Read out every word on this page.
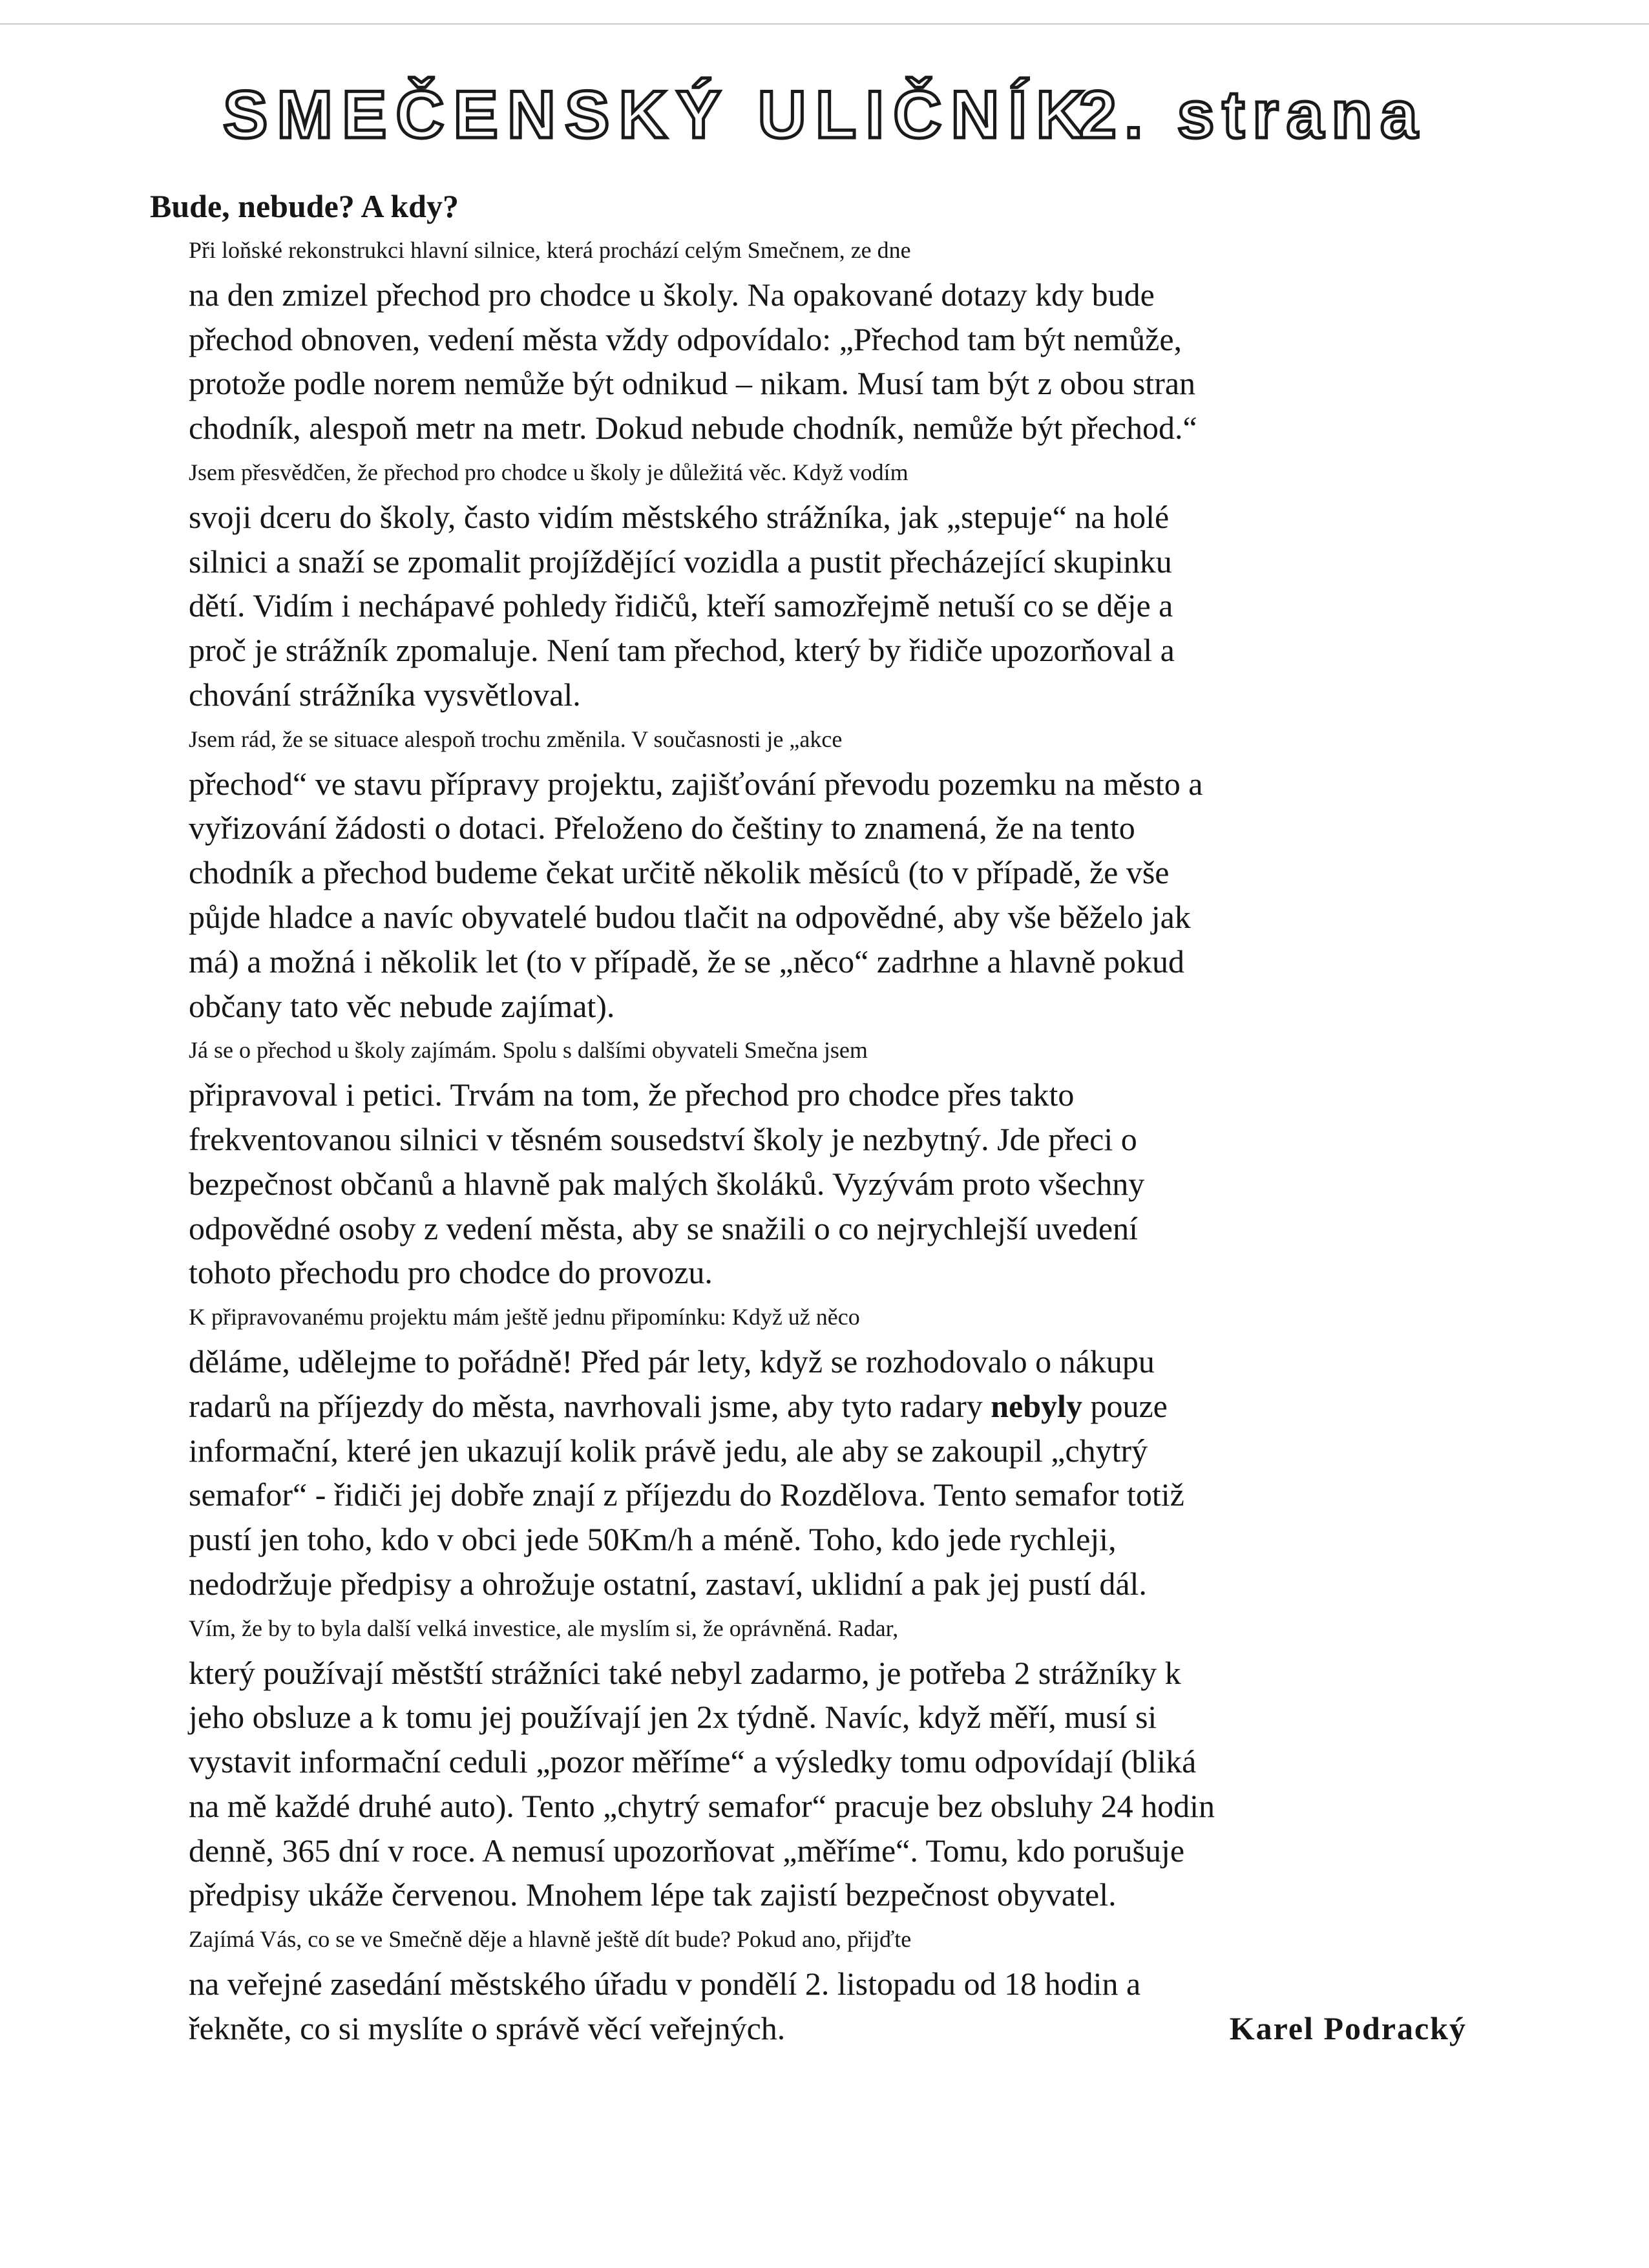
SMEČENSKÝ ULIČNÍK
2. strana

Bude, nebude? A kdy?

Při loňské rekonstrukci hlavní silnice, která prochází celým Smečnem, ze dne
na den zmizel přechod pro chodce u školy. Na opakované dotazy kdy bude
přechod obnoven, vedení města vždy odpovídalo: „Přechod tam být nemůže,
protože podle norem nemůže být odnikud – nikam. Musí tam být z obou stran
chodník, alespoň metr na metr. Dokud nebude chodník, nemůže být přechod.“

Jsem přesvědčen, že přechod pro chodce u školy je důležitá věc. Když vodím
svoji dceru do školy, často vidím městského strážníka, jak „stepuje“ na holé
silnici a snaží se zpomalit projíždějící vozidla a pustit přecházející skupinku
dětí. Vidím i nechápavé pohledy řidičů, kteří samozřejmě netuší co se děje a
proč je strážník zpomaluje. Není tam přechod, který by řidiče upozorňoval a
chování strážníka vysvětloval.

Jsem rád, že se situace alespoň trochu změnila. V současnosti je „akce
přechod“ ve stavu přípravy projektu, zajišťování převodu pozemku na město a
vyřizování žádosti o dotaci. Přeloženo do češtiny to znamená, že na tento
chodník a přechod budeme čekat určitě několik měsíců (to v případě, že vše
půjde hladce a navíc obyvatelé budou tlačit na odpovědné, aby vše běželo jak
má) a možná i několik let (to v případě, že se „něco“ zadrhne a hlavně pokud
občany tato věc nebude zajímat).

Já se o přechod u školy zajímám. Spolu s dalšími obyvateli Smečna jsem
připravoval i petici. Trvám na tom, že přechod pro chodce přes takto
frekventovanou silnici v těsném sousedství školy je nezbytný. Jde přeci o
bezpečnost občanů a hlavně pak malých školáků. Vyzývám proto všechny
odpovědné osoby z vedení města, aby se snažili o co nejrychlejší uvedení
tohoto přechodu pro chodce do provozu.

K připravovanému projektu mám ještě jednu připomínku: Když už něco
děláme, udělejme to pořádně! Před pár lety, když se rozhodovalo o nákupu
radarů na příjezdy do města, navrhovali jsme, aby tyto radary nebyly pouze
informační, které jen ukazují kolik právě jedu, ale aby se zakoupil „chytrý
semafor“ - řidiči jej dobře znají z příjezdu do Rozdělova. Tento semafor totiž
pustí jen toho, kdo v obci jede 50Km/h a méně. Toho, kdo jede rychleji,
nedodržuje předpisy a ohrožuje ostatní, zastaví, uklidní a pak jej pustí dál.

Vím, že by to byla další velká investice, ale myslím si, že oprávněná. Radar,
který používají městští strážníci také nebyl zadarmo, je potřeba 2 strážníky k
jeho obsluze a k tomu jej používají jen 2x týdně. Navíc, když měří, musí si
vystavit informační ceduli „pozor měříme“ a výsledky tomu odpovídají (bliká
na mě každé druhé auto). Tento „chytrý semafor“ pracuje bez obsluhy 24 hodin
denně, 365 dní v roce. A nemusí upozorňovat „měříme“. Tomu, kdo porušuje
předpisy ukáže červenou. Mnohem lépe tak zajistí bezpečnost obyvatel.

Zajímá Vás, co se ve Smečně děje a hlavně ještě dít bude? Pokud ano, přijďte
na veřejné zasedání městského úřadu v pondělí 2. listopadu od 18 hodin a
řekněte, co si myslíte o správě věcí veřejných.	Karel Podracký
